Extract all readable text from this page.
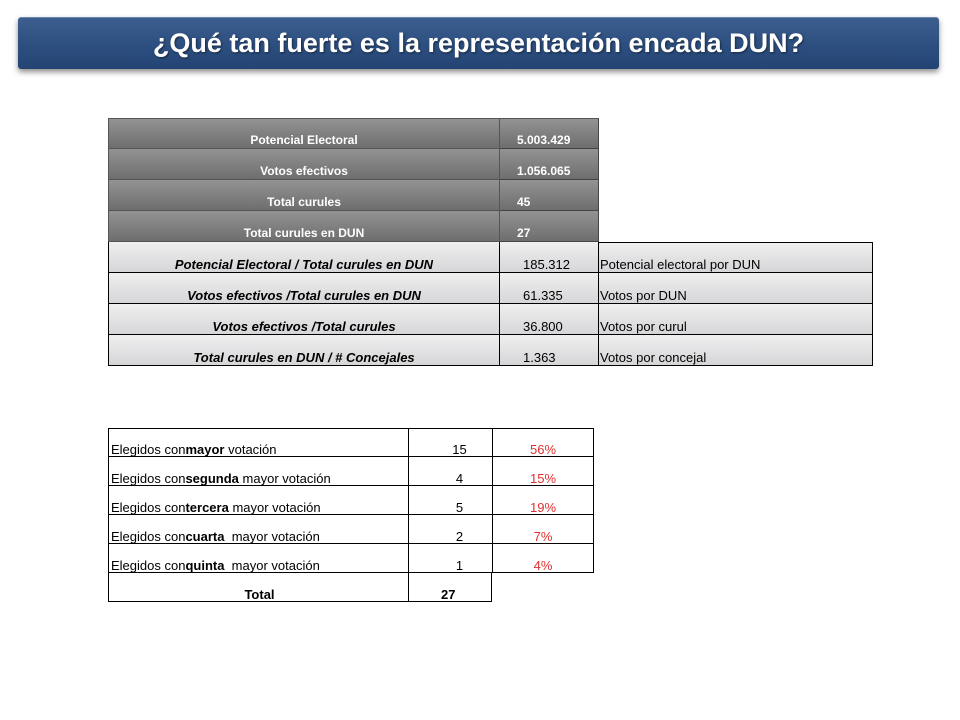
¿Qué tan fuerte es la representación encada DUN?
Potencial Electoral	5.003.429
Votos efectivos	1.056.065
Total curules	45
Total curules en DUN	27
Potencial Electoral / Total curules en DUN	185.312	Potencial electoral por DUN
Votos efectivos /Total curules en DUN	61.335	Votos por DUN
Votos efectivos /Total curules	36.800	Votos por curul
Total curules en DUN / # Concejales	1.363	Votos por concejal
Elegidos con mayor votación	15	56%
Elegidos con segunda mayor votación	4	15%
Elegidos con tercera mayor votación	5	19%
Elegidos con cuarta mayor votación	2	7%
Elegidos con quinta mayor votación	1	4%
Total	27
